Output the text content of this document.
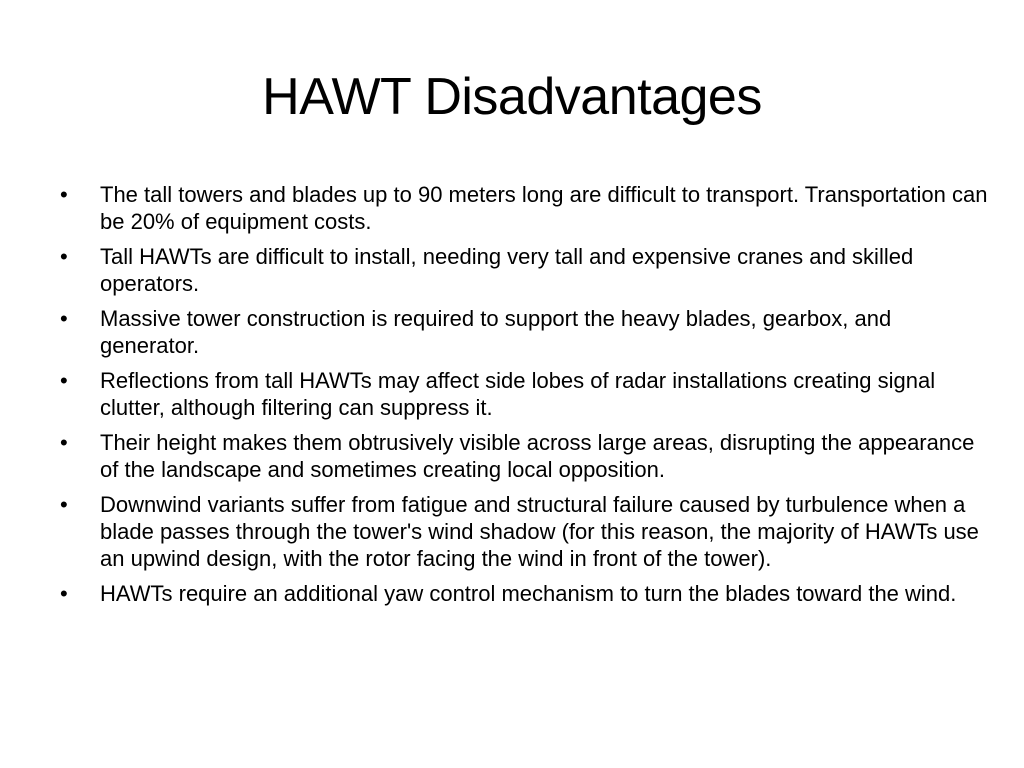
HAWT Disadvantages
• The tall towers and blades up to 90 meters long are difficult to transport. Transportation can be 20% of equipment costs.
• Tall HAWTs are difficult to install, needing very tall and expensive cranes and skilled operators.
• Massive tower construction is required to support the heavy blades, gearbox, and generator.
• Reflections from tall HAWTs may affect side lobes of radar installations creating signal clutter, although filtering can suppress it.
• Their height makes them obtrusively visible across large areas, disrupting the appearance of the landscape and sometimes creating local opposition.
• Downwind variants suffer from fatigue and structural failure caused by turbulence when a blade passes through the tower's wind shadow (for this reason, the majority of HAWTs use an upwind design, with the rotor facing the wind in front of the tower).
• HAWTs require an additional yaw control mechanism to turn the blades toward the wind.
